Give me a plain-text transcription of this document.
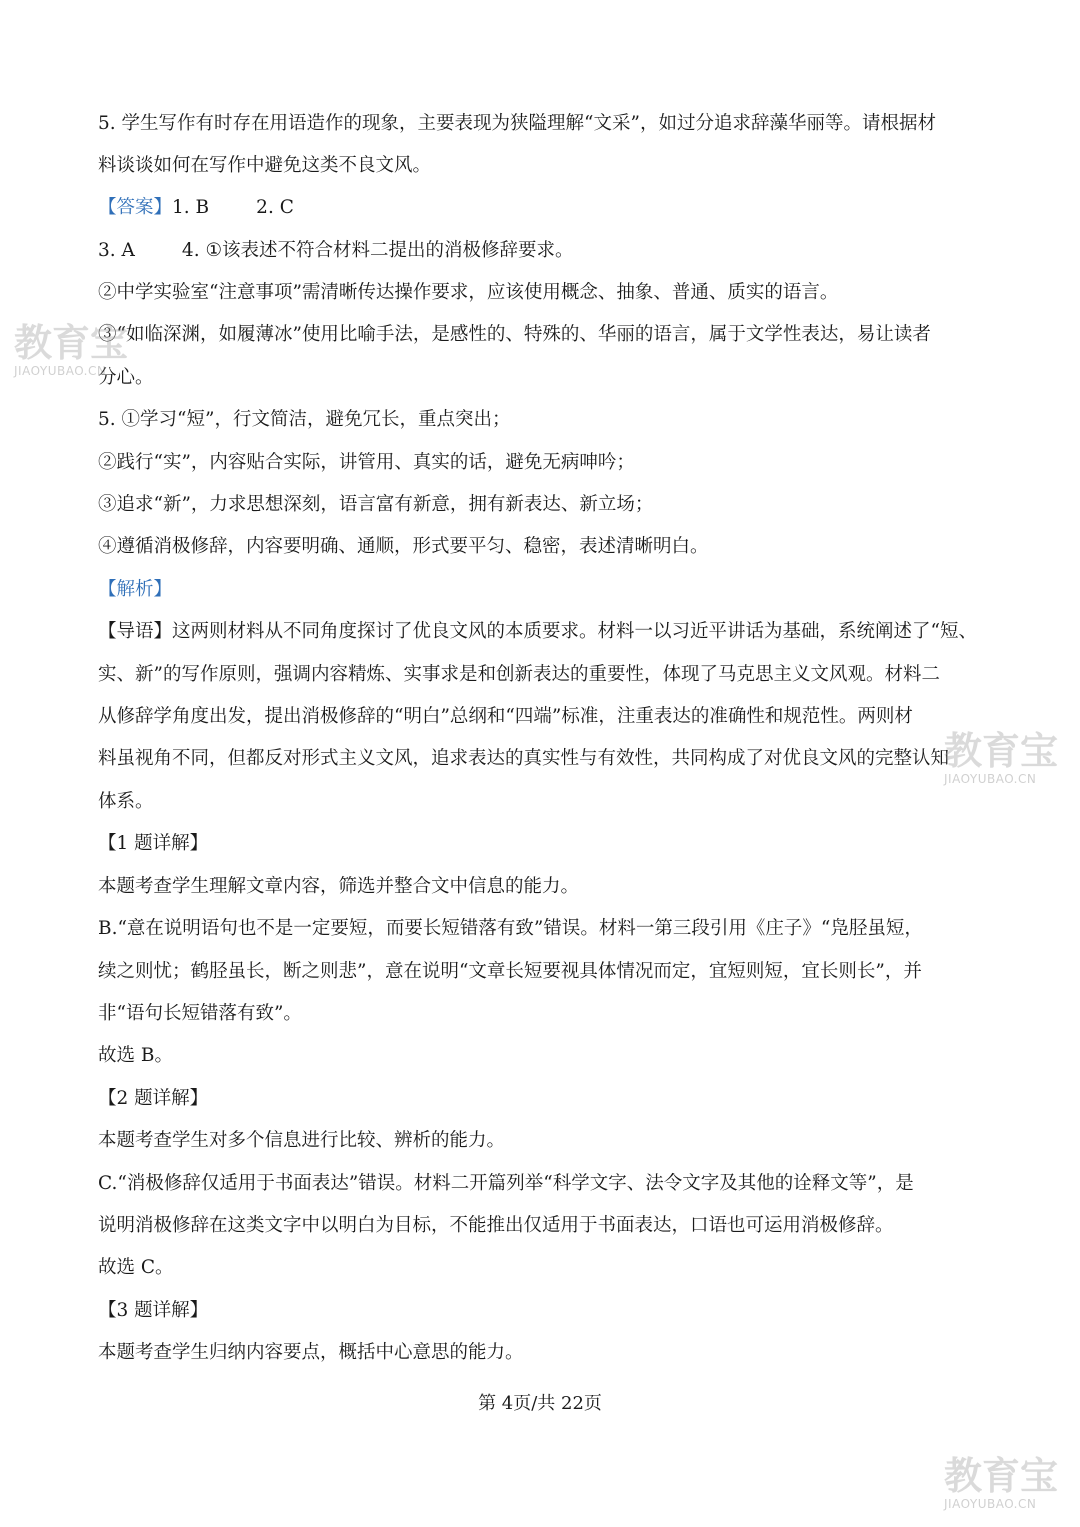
5. 学生写作有时存在用语造作的现象，主要表现为狭隘理解“文采”，如过分追求辞藻华丽等。请根据材
料谈谈如何在写作中避免这类不良文风。
【答案】1. B        2. C
3. A        4. ①该表述不符合材料二提出的消极修辞要求。
②中学实验室“注意事项”需清晰传达操作要求，应该使用概念、抽象、普通、质实的语言。
③“如临深渊，如履薄冰”使用比喻手法，是感性的、特殊的、华丽的语言，属于文学性表达，易让读者
分心。
5. ①学习“短”，行文简洁，避免冗长，重点突出；
②践行“实”，内容贴合实际，讲管用、真实的话，避免无病呻吟；
③追求“新”，力求思想深刻，语言富有新意，拥有新表达、新立场；
④遵循消极修辞，内容要明确、通顺，形式要平匀、稳密，表述清晰明白。
【解析】
【导语】这两则材料从不同角度探讨了优良文风的本质要求。材料一以习近平讲话为基础，系统阐述了“短、
实、新”的写作原则，强调内容精炼、实事求是和创新表达的重要性，体现了马克思主义文风观。材料二
从修辞学角度出发，提出消极修辞的“明白”总纲和“四端”标准，注重表达的准确性和规范性。两则材
料虽视角不同，但都反对形式主义文风，追求表达的真实性与有效性，共同构成了对优良文风的完整认知
体系。
【1 题详解】
本题考查学生理解文章内容，筛选并整合文中信息的能力。
B.“意在说明语句也不是一定要短，而要长短错落有致”错误。材料一第三段引用《庄子》“凫胫虽短，
续之则忧；鹤胫虽长，断之则悲”，意在说明“文章长短要视具体情况而定，宜短则短，宜长则长”，并
非“语句长短错落有致”。
故选 B。
【2 题详解】
本题考查学生对多个信息进行比较、辨析的能力。
C.“消极修辞仅适用于书面表达”错误。材料二开篇列举“科学文字、法令文字及其他的诠释文等”，是
说明消极修辞在这类文字中以明白为目标，不能推出仅适用于书面表达，口语也可运用消极修辞。
故选 C。
【3 题详解】
本题考查学生归纳内容要点，概括中心意思的能力。
第 4页/共 22页
教育宝
JIAOYUBAO.CN
教育宝
JIAOYUBAO.CN
教育宝
JIAOYUBAO.CN
